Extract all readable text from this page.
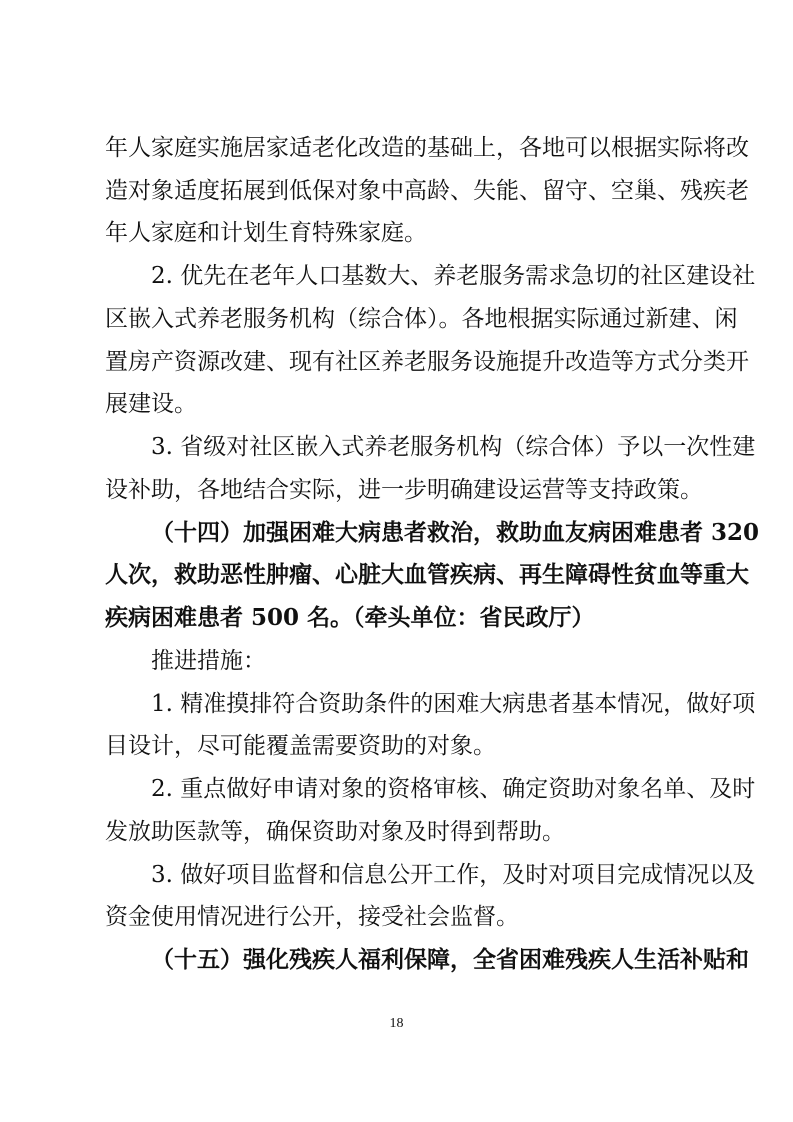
年人家庭实施居家适老化改造的基础上，各地可以根据实际将改
造对象适度拓展到低保对象中高龄、失能、留守、空巢、残疾老
年人家庭和计划生育特殊家庭。
2. 优先在老年人口基数大、养老服务需求急切的社区建设社
区嵌入式养老服务机构（综合体）。各地根据实际通过新建、闲
置房产资源改建、现有社区养老服务设施提升改造等方式分类开
展建设。
3. 省级对社区嵌入式养老服务机构（综合体）予以一次性建
设补助，各地结合实际，进一步明确建设运营等支持政策。
（十四）加强困难大病患者救治，救助血友病困难患者 320
人次，救助恶性肿瘤、心脏大血管疾病、再生障碍性贫血等重大
疾病困难患者 500 名。（牵头单位：省民政厅）
推进措施：
1. 精准摸排符合资助条件的困难大病患者基本情况，做好项
目设计，尽可能覆盖需要资助的对象。
2. 重点做好申请对象的资格审核、确定资助对象名单、及时
发放助医款等，确保资助对象及时得到帮助。
3. 做好项目监督和信息公开工作，及时对项目完成情况以及
资金使用情况进行公开，接受社会监督。
18
（十五）强化残疾人福利保障，全省困难残疾人生活补贴和
